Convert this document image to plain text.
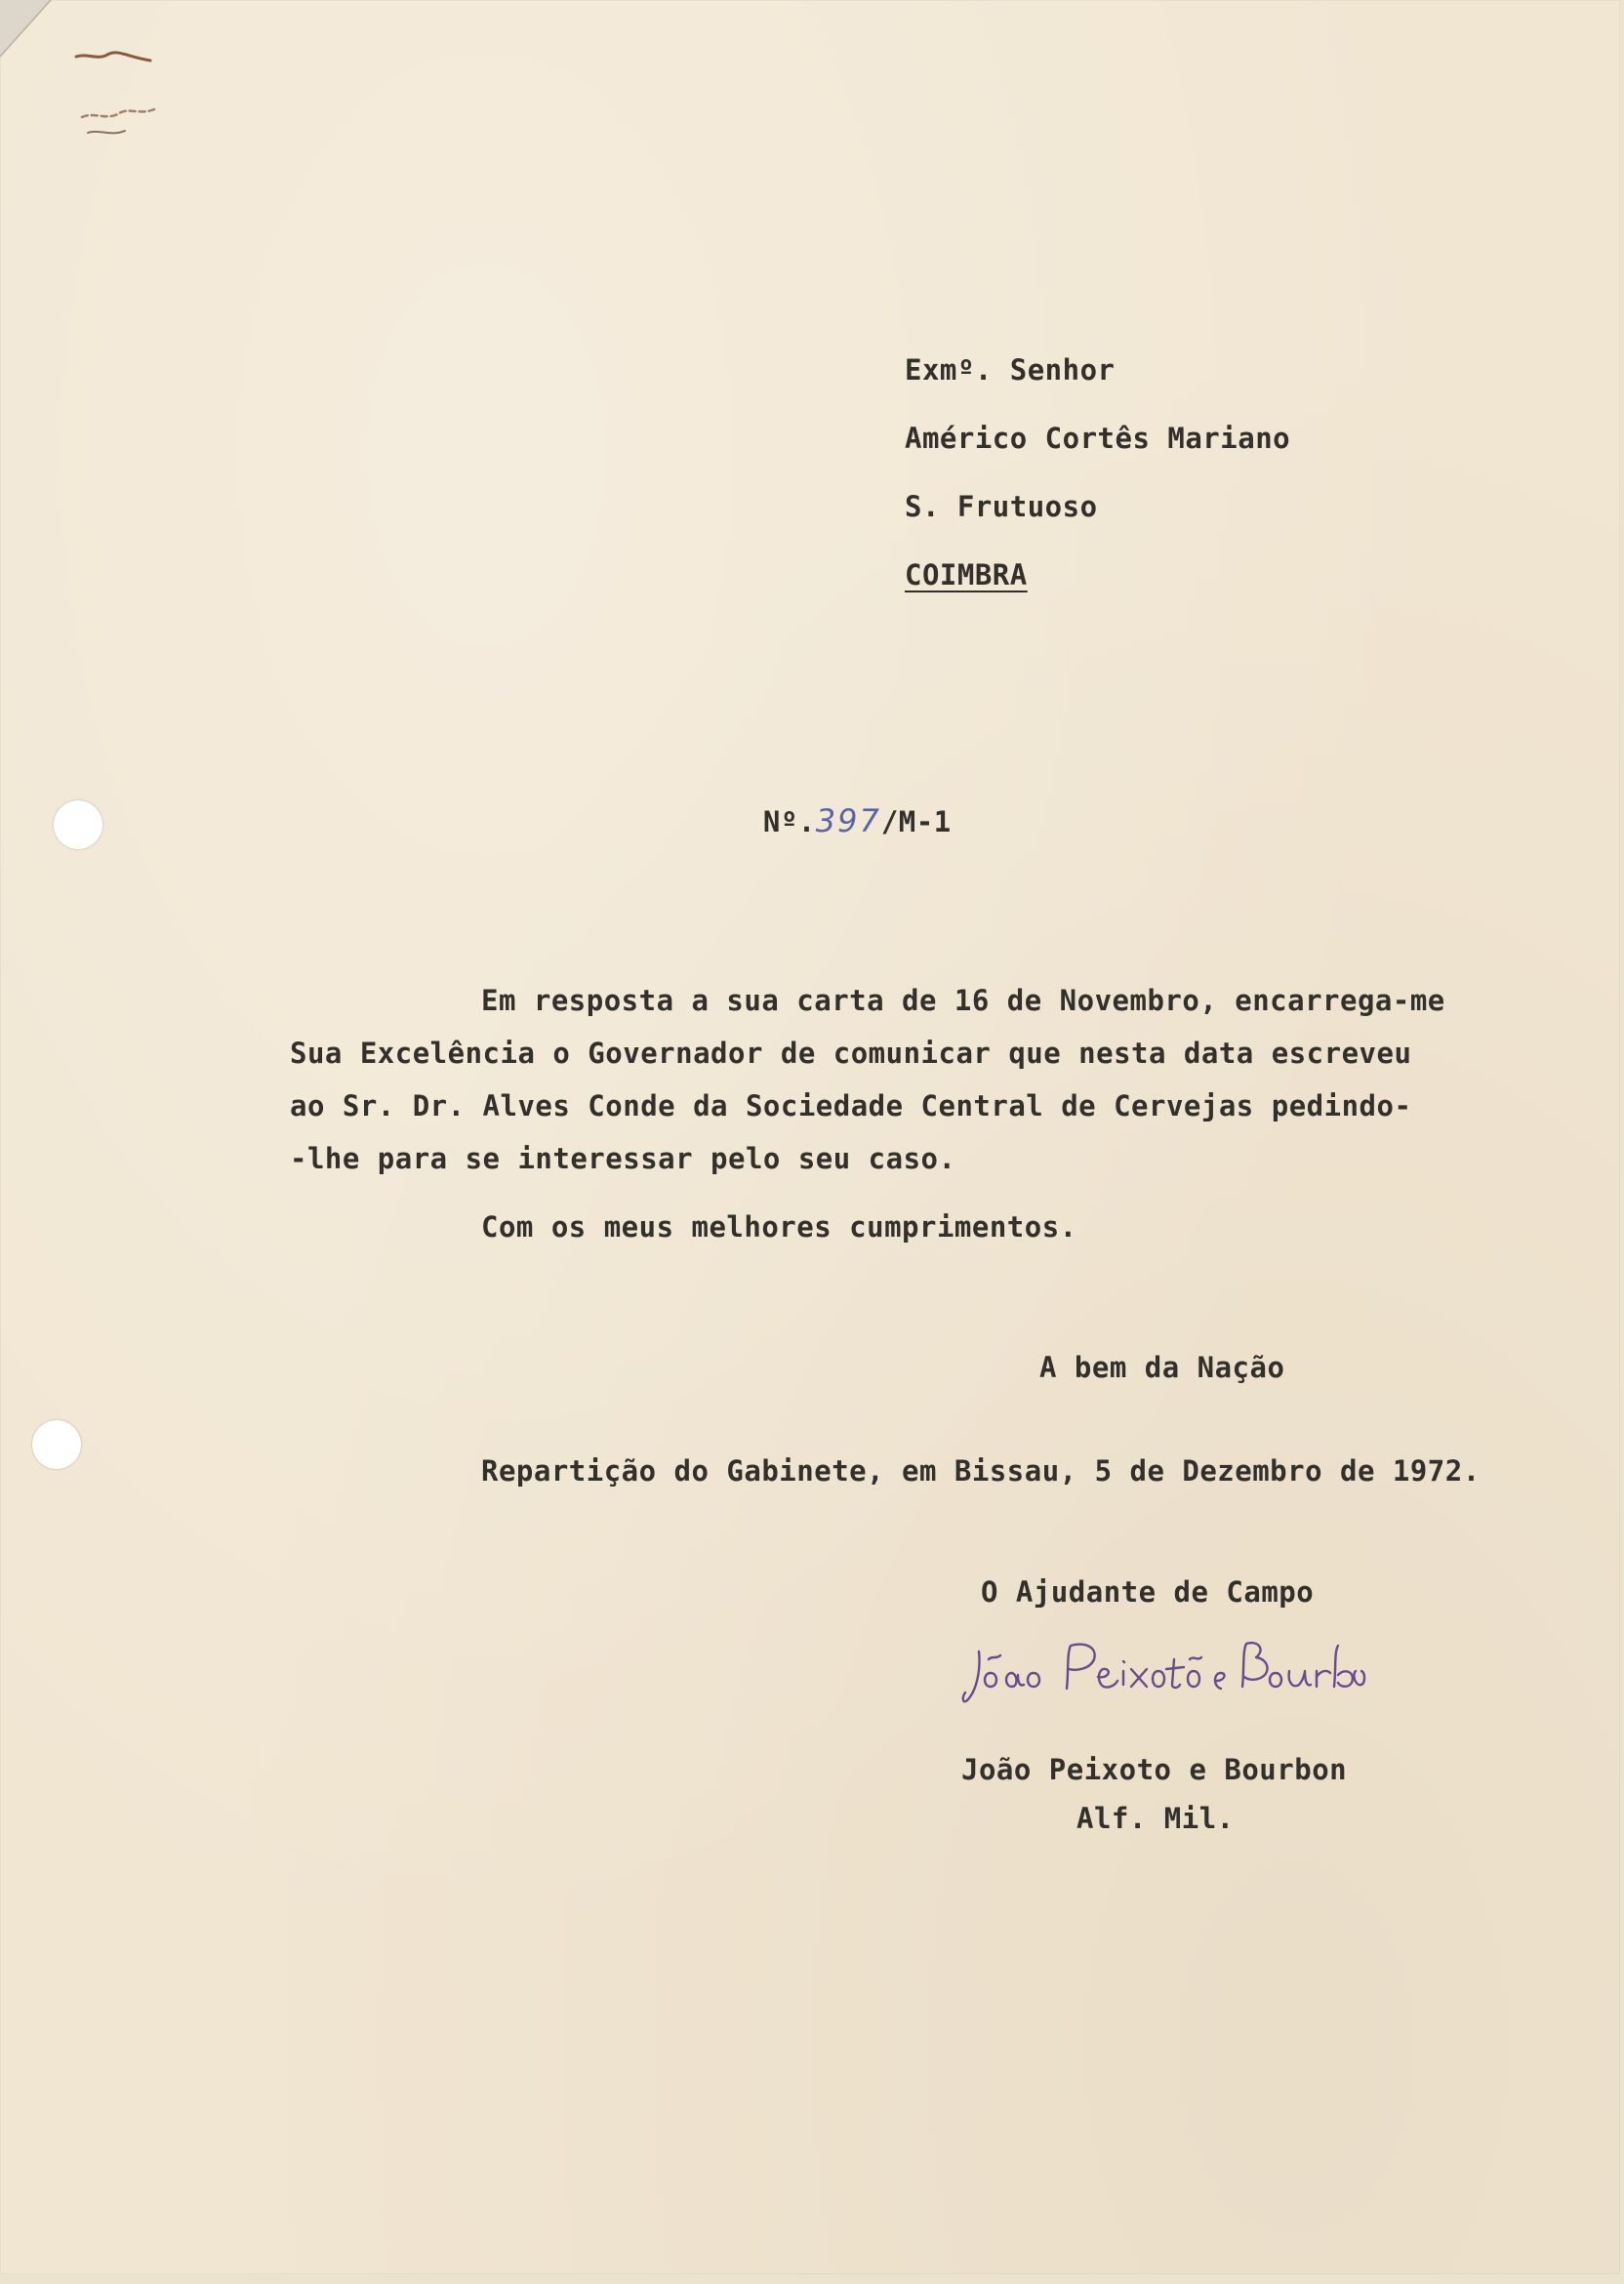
Exmº. Senhor
Américo Cortês Mariano
S. Frutuoso
COIMBRA

Nº.397/M-1

Em resposta a sua carta de 16 de Novembro, encarrega-me
Sua Excelência o Governador de comunicar que nesta data escreveu
ao Sr. Dr. Alves Conde da Sociedade Central de Cervejas pedindo-
-lhe para se interessar pelo seu caso.
Com os meus melhores cumprimentos.
A bem da Nação
Repartição do Gabinete, em Bissau, 5 de Dezembro de 1972.
O Ajudante de Campo
João Peixoto e Bourbon
Alf. Mil.
